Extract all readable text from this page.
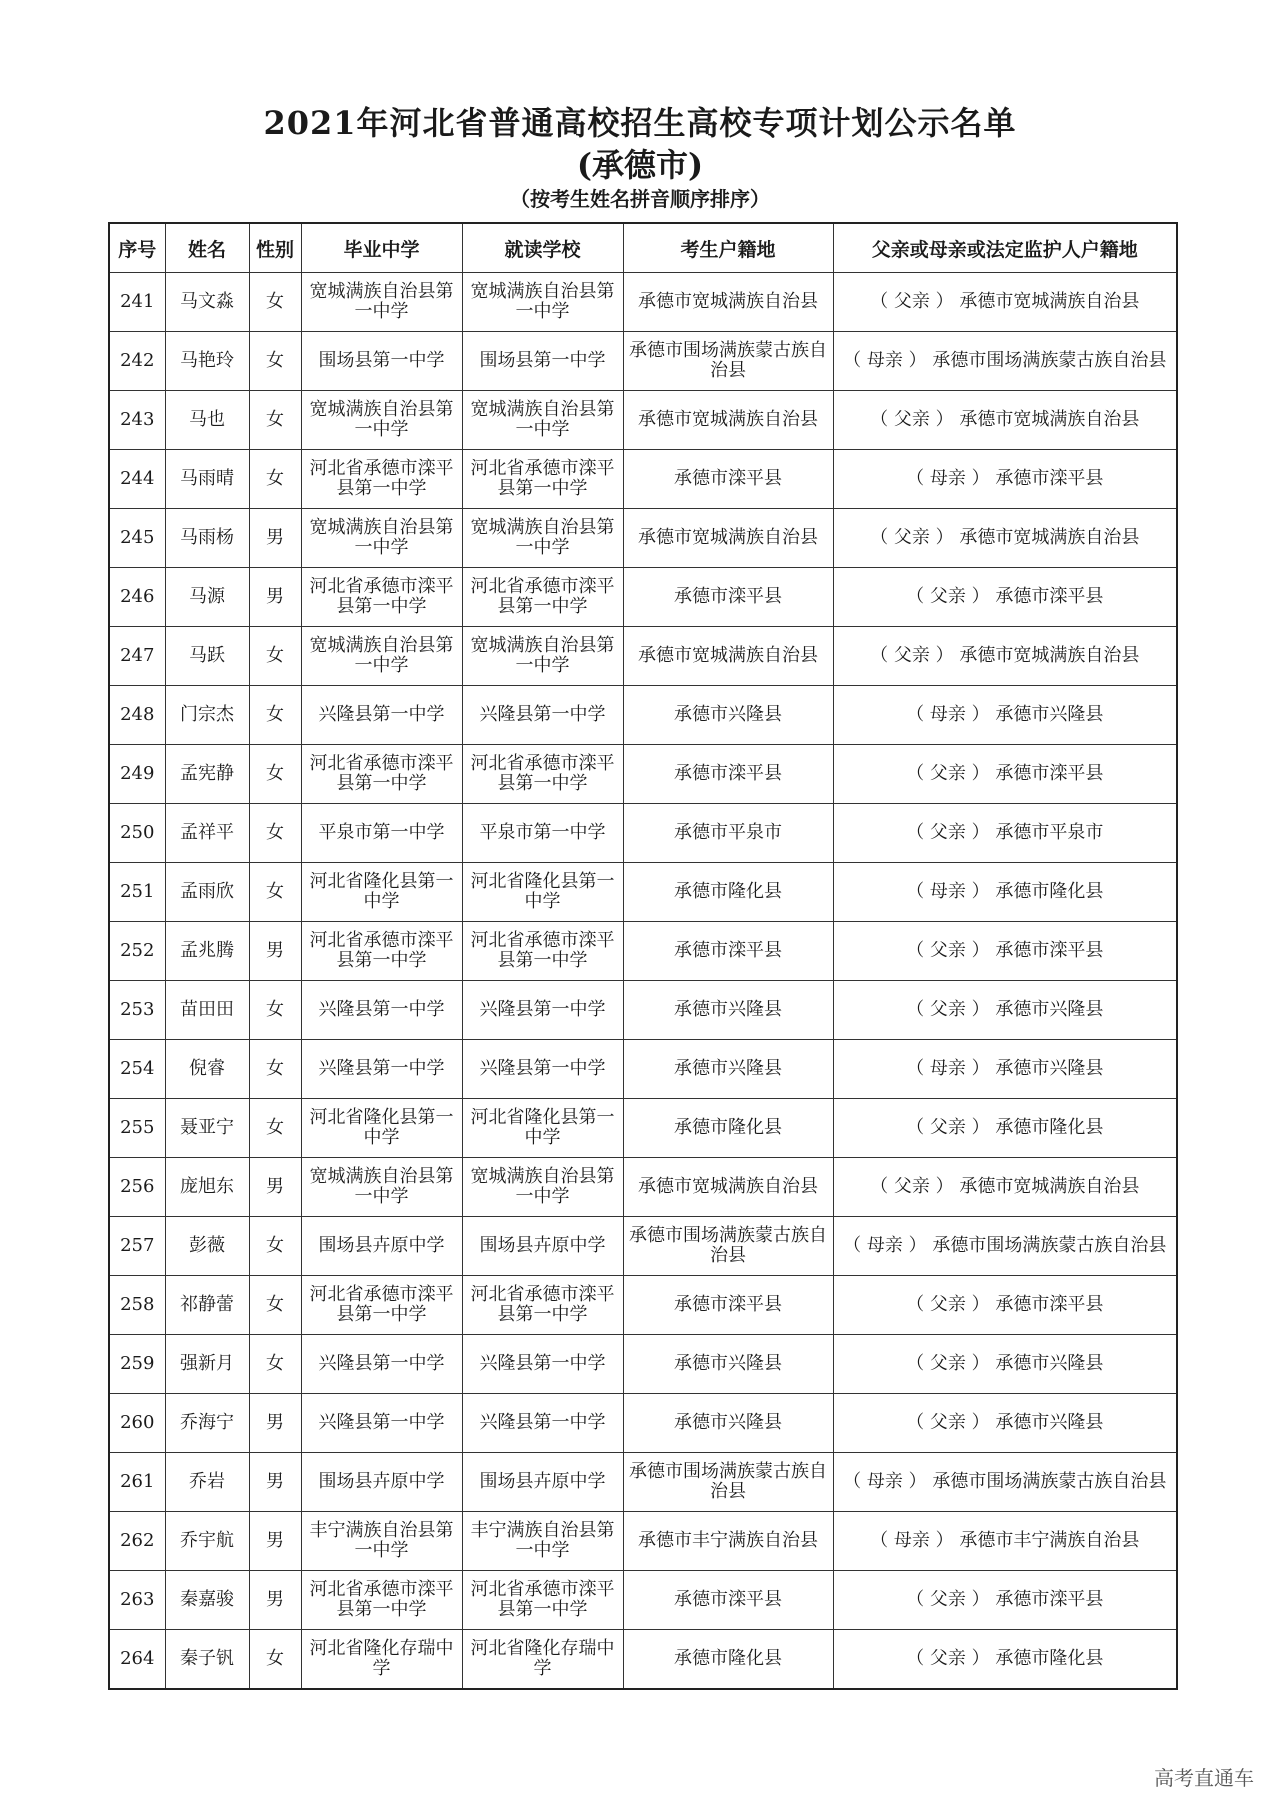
2021年河北省普通高校招生高校专项计划公示名单
(承德市)
（按考生姓名拼音顺序排序）
序号	姓名	性别	毕业中学	就读学校	考生户籍地	父亲或母亲或法定监护人户籍地
241	马文淼	女	宽城满族自治县第一中学	宽城满族自治县第一中学	承德市宽城满族自治县	（ 父亲 ） 承德市宽城满族自治县
242	马艳玲	女	围场县第一中学	围场县第一中学	承德市围场满族蒙古族自治县	（ 母亲 ） 承德市围场满族蒙古族自治县
243	马也	女	宽城满族自治县第一中学	宽城满族自治县第一中学	承德市宽城满族自治县	（ 父亲 ） 承德市宽城满族自治县
244	马雨晴	女	河北省承德市滦平县第一中学	河北省承德市滦平县第一中学	承德市滦平县	（ 母亲 ） 承德市滦平县
245	马雨杨	男	宽城满族自治县第一中学	宽城满族自治县第一中学	承德市宽城满族自治县	（ 父亲 ） 承德市宽城满族自治县
246	马源	男	河北省承德市滦平县第一中学	河北省承德市滦平县第一中学	承德市滦平县	（ 父亲 ） 承德市滦平县
247	马跃	女	宽城满族自治县第一中学	宽城满族自治县第一中学	承德市宽城满族自治县	（ 父亲 ） 承德市宽城满族自治县
248	门宗杰	女	兴隆县第一中学	兴隆县第一中学	承德市兴隆县	（ 母亲 ） 承德市兴隆县
249	孟宪静	女	河北省承德市滦平县第一中学	河北省承德市滦平县第一中学	承德市滦平县	（ 父亲 ） 承德市滦平县
250	孟祥平	女	平泉市第一中学	平泉市第一中学	承德市平泉市	（ 父亲 ） 承德市平泉市
251	孟雨欣	女	河北省隆化县第一中学	河北省隆化县第一中学	承德市隆化县	（ 母亲 ） 承德市隆化县
252	孟兆腾	男	河北省承德市滦平县第一中学	河北省承德市滦平县第一中学	承德市滦平县	（ 父亲 ） 承德市滦平县
253	苗田田	女	兴隆县第一中学	兴隆县第一中学	承德市兴隆县	（ 父亲 ） 承德市兴隆县
254	倪睿	女	兴隆县第一中学	兴隆县第一中学	承德市兴隆县	（ 母亲 ） 承德市兴隆县
255	聂亚宁	女	河北省隆化县第一中学	河北省隆化县第一中学	承德市隆化县	（ 父亲 ） 承德市隆化县
256	庞旭东	男	宽城满族自治县第一中学	宽城满族自治县第一中学	承德市宽城满族自治县	（ 父亲 ） 承德市宽城满族自治县
257	彭薇	女	围场县卉原中学	围场县卉原中学	承德市围场满族蒙古族自治县	（ 母亲 ） 承德市围场满族蒙古族自治县
258	祁静蕾	女	河北省承德市滦平县第一中学	河北省承德市滦平县第一中学	承德市滦平县	（ 父亲 ） 承德市滦平县
259	强新月	女	兴隆县第一中学	兴隆县第一中学	承德市兴隆县	（ 父亲 ） 承德市兴隆县
260	乔海宁	男	兴隆县第一中学	兴隆县第一中学	承德市兴隆县	（ 父亲 ） 承德市兴隆县
261	乔岩	男	围场县卉原中学	围场县卉原中学	承德市围场满族蒙古族自治县	（ 母亲 ） 承德市围场满族蒙古族自治县
262	乔宇航	男	丰宁满族自治县第一中学	丰宁满族自治县第一中学	承德市丰宁满族自治县	（ 母亲 ） 承德市丰宁满族自治县
263	秦嘉骏	男	河北省承德市滦平县第一中学	河北省承德市滦平县第一中学	承德市滦平县	（ 父亲 ） 承德市滦平县
264	秦子钒	女	河北省隆化存瑞中学	河北省隆化存瑞中学	承德市隆化县	（ 父亲 ） 承德市隆化县
高考直通车
